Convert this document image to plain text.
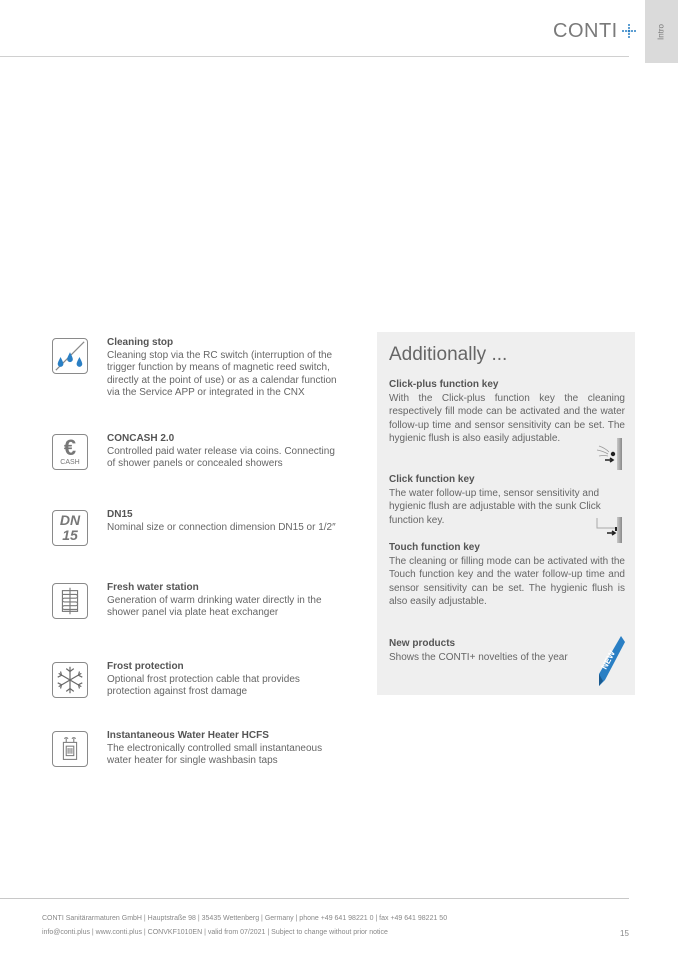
CONTI	Intro
Cleaning stop
Cleaning stop via the RC switch (interruption of the trigger function by means of magnetic reed switch, directly at the point of use) or as a calendar function via the Service APP or integrated in the CNX
€
CASH
CONCASH 2.0
Controlled paid water release via coins. Connecting of shower panels or concealed showers
DN
15
DN15
Nominal size or connection dimension DN15 or 1/2″
Fresh water station
Generation of warm drinking water directly in the shower panel via plate heat exchanger
Frost protection
Optional frost protection cable that provides protection against frost damage
Instantaneous Water Heater HCFS
The electronically controlled small instantaneous water heater for single washbasin taps
Additionally ...
Click-plus function key
With the Click-plus function key the cleaning respectively fill mode can be activated and the water follow-up time and sensor sensitivity can be set. The hygienic flush is also easily adjustable.
Click function key
The water follow-up time, sensor sensitivity and hygienic flush are adjustable with the sunk Click function key.
Touch function key
The cleaning or filling mode can be activated with the Touch function key and the water follow-up time and sensor sensitivity can be set. The hygienic flush is also easily adjustable.
New products
Shows the CONTI+ novelties of the year	NEW
CONTI Sanitärarmaturen GmbH | Hauptstraße 98 | 35435 Wettenberg | Germany | phone +49 641 98221 0 | fax +49 641 98221 50
info@conti.plus | www.conti.plus | CONVKF1010EN | valid from 07/2021 | Subject to change without prior notice	15
